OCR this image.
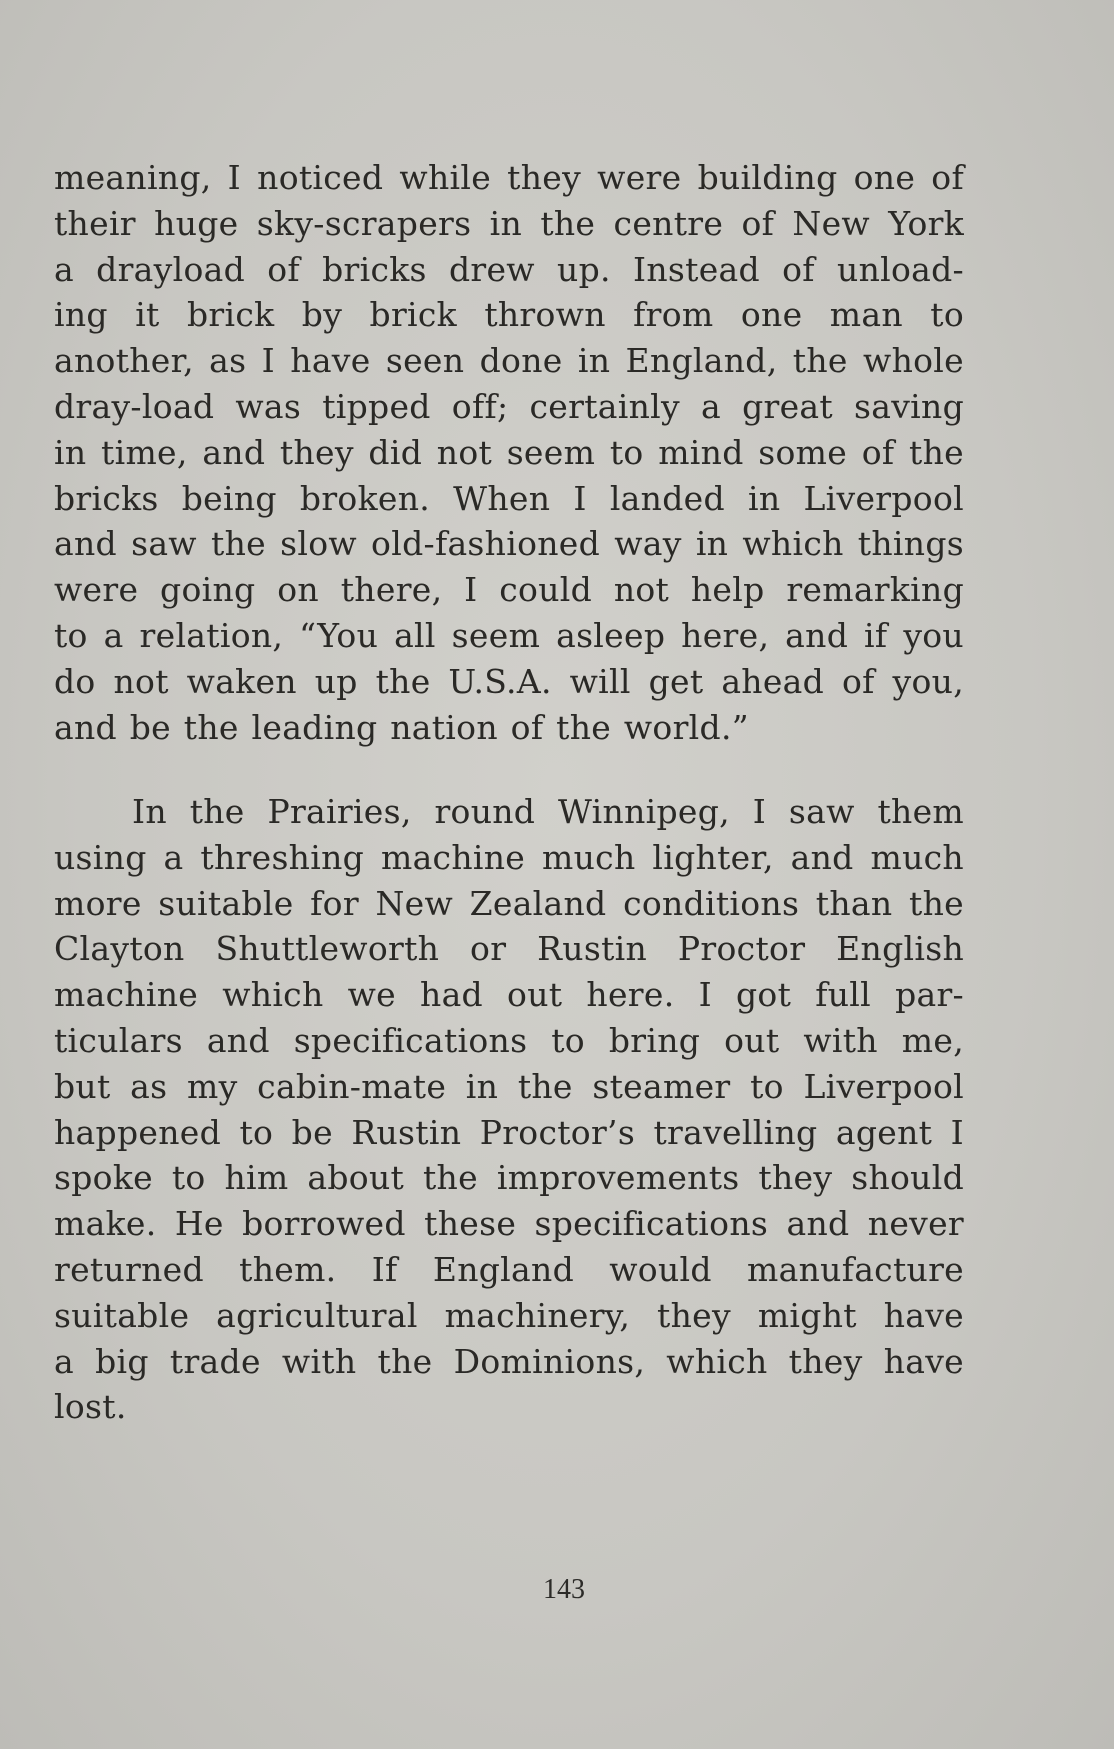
meaning, I noticed while they were building one of
their huge sky-scrapers in the centre of New York
a drayload of bricks drew up. Instead of unload-
ing it brick by brick thrown from one man to
another, as I have seen done in England, the whole
dray-load was tipped off; certainly a great saving
in time, and they did not seem to mind some of the
bricks being broken. When I landed in Liverpool
and saw the slow old-fashioned way in which things
were going on there, I could not help remarking
to a relation, “You all seem asleep here, and if you
do not waken up the U.S.A. will get ahead of you,
and be the leading nation of the world.”
In the Prairies, round Winnipeg, I saw them
using a threshing machine much lighter, and much
more suitable for New Zealand conditions than the
Clayton Shuttleworth or Rustin Proctor English
machine which we had out here. I got full par-
ticulars and specifications to bring out with me,
but as my cabin-mate in the steamer to Liverpool
happened to be Rustin Proctor’s travelling agent I
spoke to him about the improvements they should
make. He borrowed these specifications and never
returned them. If England would manufacture
suitable agricultural machinery, they might have
a big trade with the Dominions, which they have
lost.
143
